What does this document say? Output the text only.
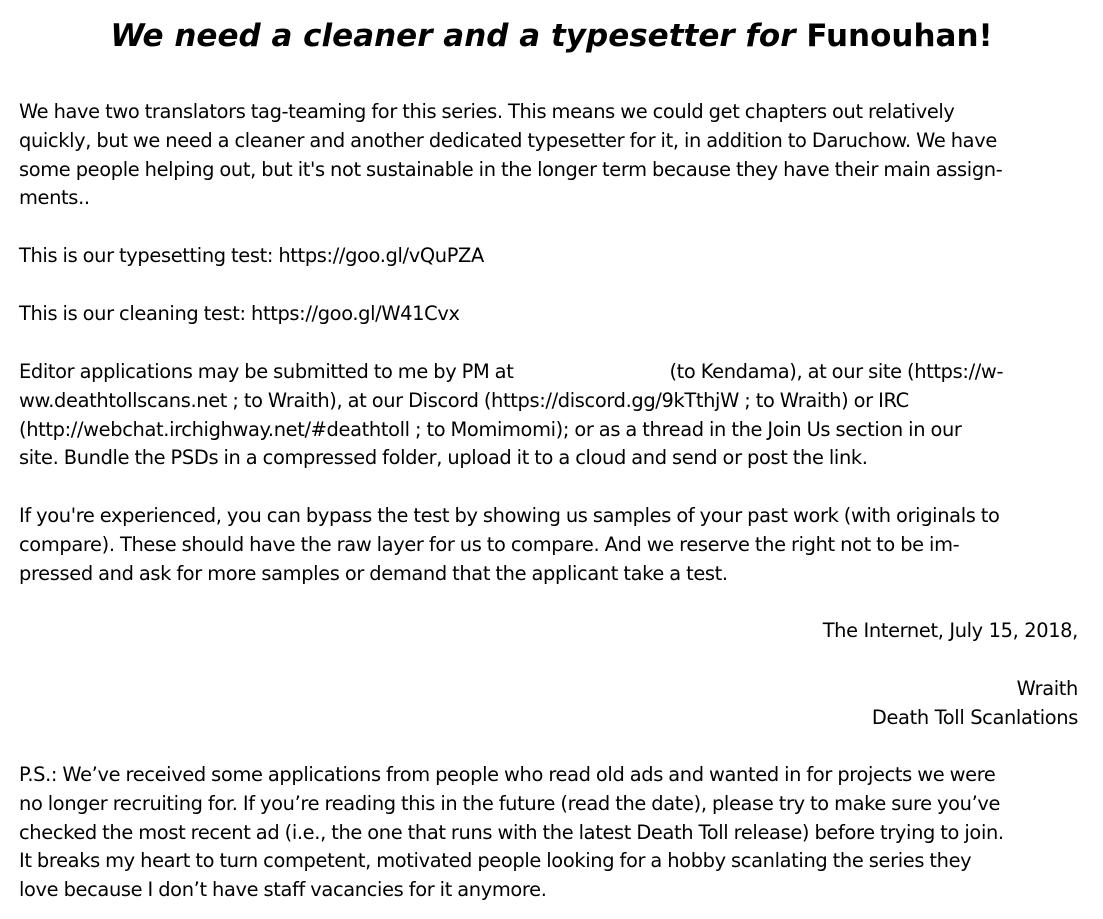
We need a cleaner and a typesetter for Funouhan!
We have two translators tag-teaming for this series. This means we could get chapters out relatively
quickly, but we need a cleaner and another dedicated typesetter for it, in addition to Daruchow. We have
some people helping out, but it's not sustainable in the longer term because they have their main assign-
ments..
This is our typesetting test: https://goo.gl/vQuPZA
This is our cleaning test: https://goo.gl/W41Cvx
Editor applications may be submitted to me by PM at	(to Kendama), at our site (https://w-
ww.deathtollscans.net ; to Wraith), at our Discord (https://discord.gg/9kTthjW ; to Wraith) or IRC
(http://webchat.irchighway.net/#deathtoll ; to Momimomi); or as a thread in the Join Us section in our
site. Bundle the PSDs in a compressed folder, upload it to a cloud and send or post the link.
If you're experienced, you can bypass the test by showing us samples of your past work (with originals to
compare). These should have the raw layer for us to compare. And we reserve the right not to be im-
pressed and ask for more samples or demand that the applicant take a test.
The Internet, July 15, 2018,
Wraith
Death Toll Scanlations
P.S.: We’ve received some applications from people who read old ads and wanted in for projects we were
no longer recruiting for. If you’re reading this in the future (read the date), please try to make sure you’ve
checked the most recent ad (i.e., the one that runs with the latest Death Toll release) before trying to join.
It breaks my heart to turn competent, motivated people looking for a hobby scanlating the series they
love because I don’t have staff vacancies for it anymore.
